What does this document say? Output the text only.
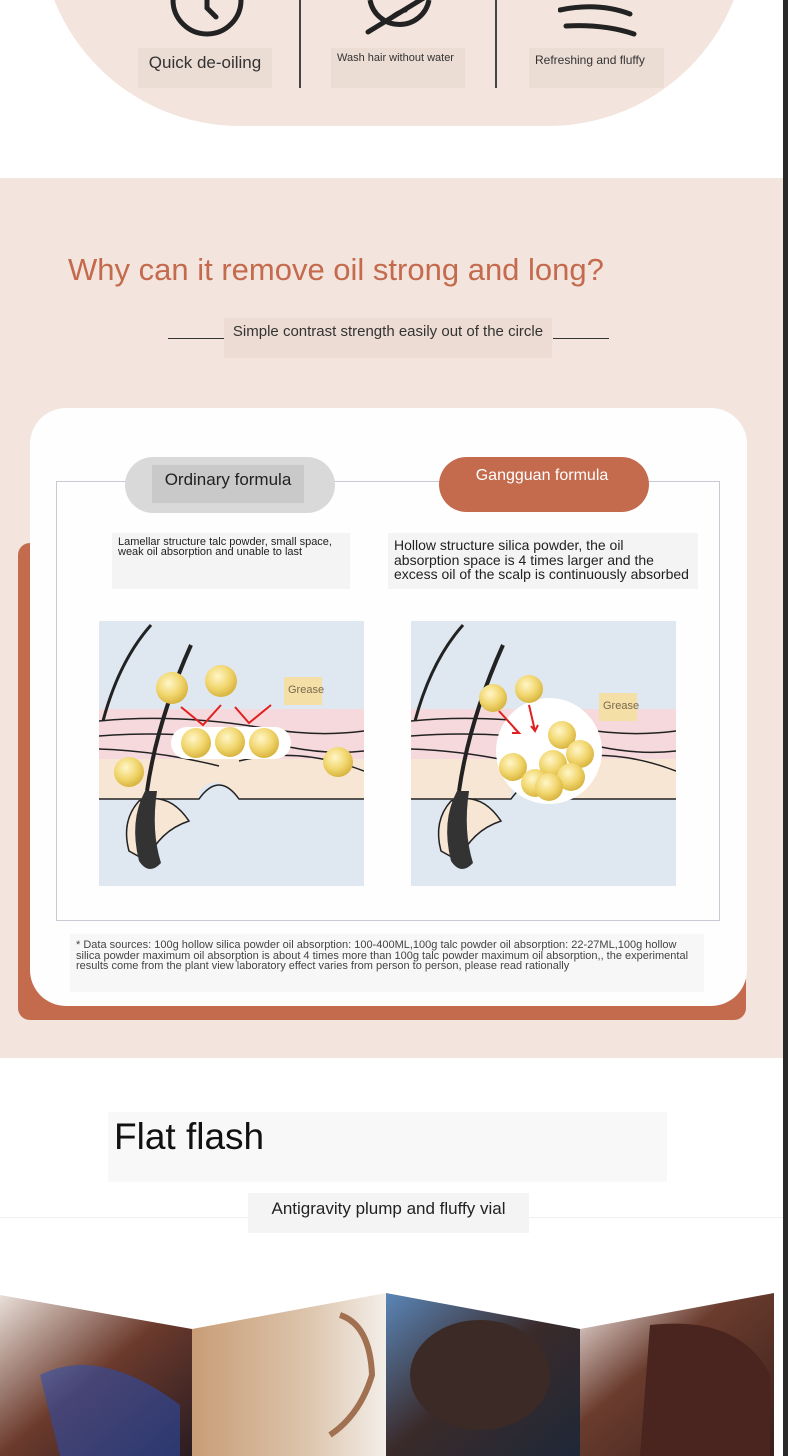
Quick de-oiling	Wash hair without water	Refreshing and fluffy
Why can it remove oil strong and long?
Simple contrast strength easily out of the circle
Ordinary formula	Gangguan formula
Lamellar structure talc powder, small space, weak oil absorption and unable to last	Hollow structure silica powder, the oil absorption space is 4 times larger and the excess oil of the scalp is continuously absorbed
Grease
Grease
* Data sources: 100g hollow silica powder oil absorption: 100-400ML,100g talc powder oil absorption: 22-27ML,100g hollow silica powder maximum oil absorption is about 4 times more than 100g talc powder maximum oil absorption,, the experimental results come from the plant view laboratory effect varies from person to person, please read rationally
Flat flash
Antigravity plump and fluffy vial
